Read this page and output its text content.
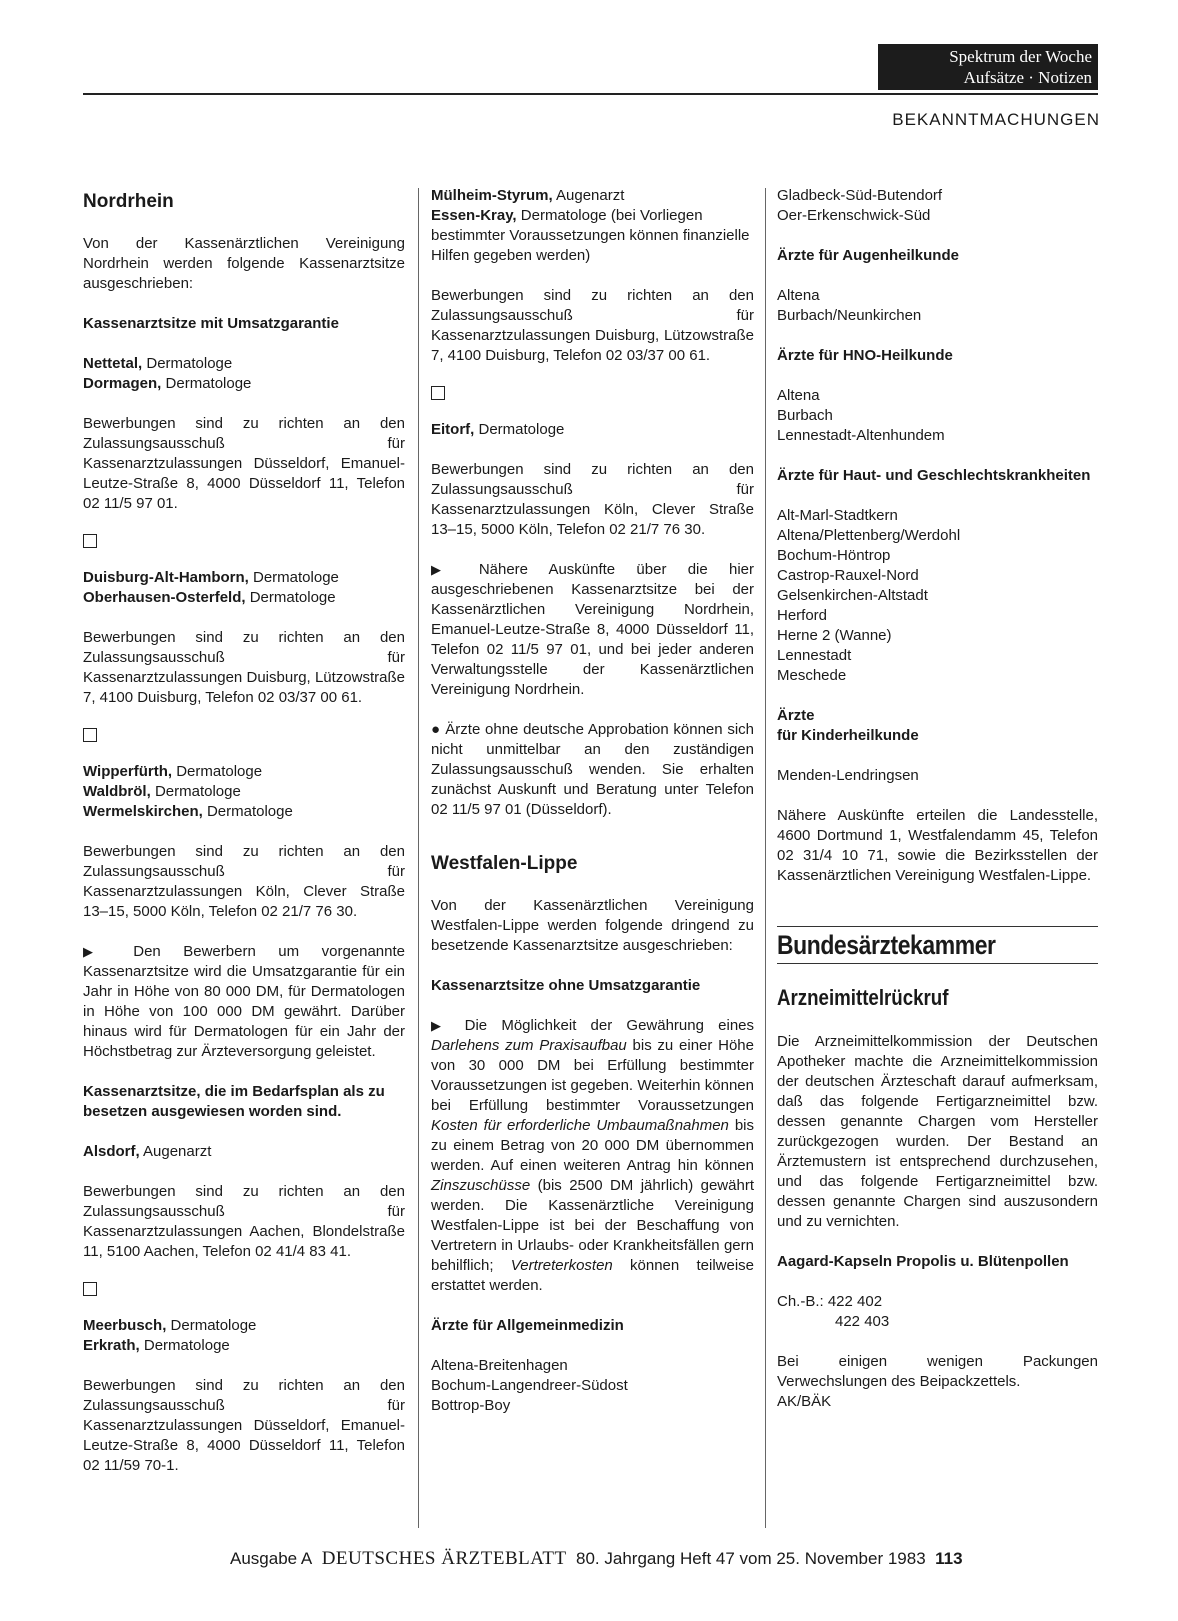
Spektrum der Woche
Aufsätze · Notizen
BEKANNTMACHUNGEN
Nordrhein

Von der Kassenärztlichen Vereinigung Nordrhein werden folgende Kassenarztsitze ausgeschrieben:

Kassenarztsitze mit Umsatzgarantie

Nettetal, Dermatologe
Dormagen, Dermatologe

Bewerbungen sind zu richten an den Zulassungsausschuß für Kassenarztzulassungen Düsseldorf, Emanuel-Leutze-Straße 8, 4000 Düsseldorf 11, Telefon 02 11/5 97 01.

Duisburg-Alt-Hamborn, Dermatologe
Oberhausen-Osterfeld, Dermatologe

Bewerbungen sind zu richten an den Zulassungsausschuß für Kassenarztzulassungen Duisburg, Lützowstraße 7, 4100 Duisburg, Telefon 02 03/37 00 61.

Wipperfürth, Dermatologe
Waldbröl, Dermatologe
Wermelskirchen, Dermatologe

Bewerbungen sind zu richten an den Zulassungsausschuß für Kassenarztzulassungen Köln, Clever Straße 13–15, 5000 Köln, Telefon 02 21/7 76 30.

▶ Den Bewerbern um vorgenannte Kassenarztsitze wird die Umsatzgarantie für ein Jahr in Höhe von 80 000 DM, für Dermatologen in Höhe von 100 000 DM gewährt. Darüber hinaus wird für Dermatologen für ein Jahr der Höchstbetrag zur Ärzteversorgung geleistet.

Kassenarztsitze, die im Bedarfsplan als zu besetzen ausgewiesen worden sind.

Alsdorf, Augenarzt

Bewerbungen sind zu richten an den Zulassungsausschuß für Kassenarztzulassungen Aachen, Blondelstraße 11, 5100 Aachen, Telefon 02 41/4 83 41.

Meerbusch, Dermatologe
Erkrath, Dermatologe

Bewerbungen sind zu richten an den Zulassungsausschuß für Kassenarztzulassungen Düsseldorf, Emanuel-Leutze-Straße 8, 4000 Düsseldorf 11, Telefon 02 11/59 70-1.

Mülheim-Styrum, Augenarzt
Essen-Kray, Dermatologe (bei Vorliegen bestimmter Voraussetzungen können finanzielle Hilfen gegeben werden)

Bewerbungen sind zu richten an den Zulassungsausschuß für Kassenarztzulassungen Duisburg, Lützowstraße 7, 4100 Duisburg, Telefon 02 03/37 00 61.

Eitorf, Dermatologe

Bewerbungen sind zu richten an den Zulassungsausschuß für Kassenarztzulassungen Köln, Clever Straße 13–15, 5000 Köln, Telefon 02 21/7 76 30.

▶ Nähere Auskünfte über die hier ausgeschriebenen Kassenarztsitze bei der Kassenärztlichen Vereinigung Nordrhein, Emanuel-Leutze-Straße 8, 4000 Düsseldorf 11, Telefon 02 11/5 97 01, und bei jeder anderen Verwaltungsstelle der Kassenärztlichen Vereinigung Nordrhein.

● Ärzte ohne deutsche Approbation können sich nicht unmittelbar an den zuständigen Zulassungsausschuß wenden. Sie erhalten zunächst Auskunft und Beratung unter Telefon 02 11/5 97 01 (Düsseldorf).

Westfalen-Lippe

Von der Kassenärztlichen Vereinigung Westfalen-Lippe werden folgende dringend zu besetzende Kassenarztsitze ausgeschrieben:

Kassenarztsitze ohne Umsatzgarantie

▶ Die Möglichkeit der Gewährung eines Darlehens zum Praxisaufbau bis zu einer Höhe von 30 000 DM bei Erfüllung bestimmter Voraussetzungen ist gegeben. Weiterhin können bei Erfüllung bestimmter Voraussetzungen Kosten für erforderliche Umbaumaßnahmen bis zu einem Betrag von 20 000 DM übernommen werden. Auf einen weiteren Antrag hin können Zinszuschüsse (bis 2500 DM jährlich) gewährt werden. Die Kassenärztliche Vereinigung Westfalen-Lippe ist bei der Beschaffung von Vertretern in Urlaubs- oder Krankheitsfällen gern behilflich; Vertreterkosten können teilweise erstattet werden.

Ärzte für Allgemeinmedizin

Altena-Breitenhagen
Bochum-Langendreer-Südost
Bottrop-Boy
Gladbeck-Süd-Butendorf
Oer-Erkenschwick-Süd

Ärzte für Augenheilkunde

Altena
Burbach/Neunkirchen

Ärzte für HNO-Heilkunde

Altena
Burbach
Lennestadt-Altenhundem

Ärzte für Haut- und Geschlechtskrankheiten

Alt-Marl-Stadtkern
Altena/Plettenberg/Werdohl
Bochum-Höntrop
Castrop-Rauxel-Nord
Gelsenkirchen-Altstadt
Herford
Herne 2 (Wanne)
Lennestadt
Meschede

Ärzte
für Kinderheilkunde

Menden-Lendringsen

Nähere Auskünfte erteilen die Landesstelle, 4600 Dortmund 1, Westfalendamm 45, Telefon 02 31/4 10 71, sowie die Bezirksstellen der Kassenärztlichen Vereinigung Westfalen-Lippe.

Bundesärztekammer
Arzneimittelrückruf

Die Arzneimittelkommission der Deutschen Apotheker machte die Arzneimittelkommission der deutschen Ärzteschaft darauf aufmerksam, daß das folgende Fertigarzneimittel bzw. dessen genannte Chargen vom Hersteller zurückgezogen wurden. Der Bestand an Ärztemustern ist entsprechend durchzusehen, und das folgende Fertigarzneimittel bzw. dessen genannte Chargen sind auszusondern und zu vernichten.

Aagard-Kapseln Propolis u. Blütenpollen

Ch.-B.: 422 402
422 403

Bei einigen wenigen Packungen Verwechslungen des Beipackzettels.

AK/BÄK

Ausgabe A DEUTSCHES ÄRZTEBLATT 80. Jahrgang Heft 47 vom 25. November 1983 113
